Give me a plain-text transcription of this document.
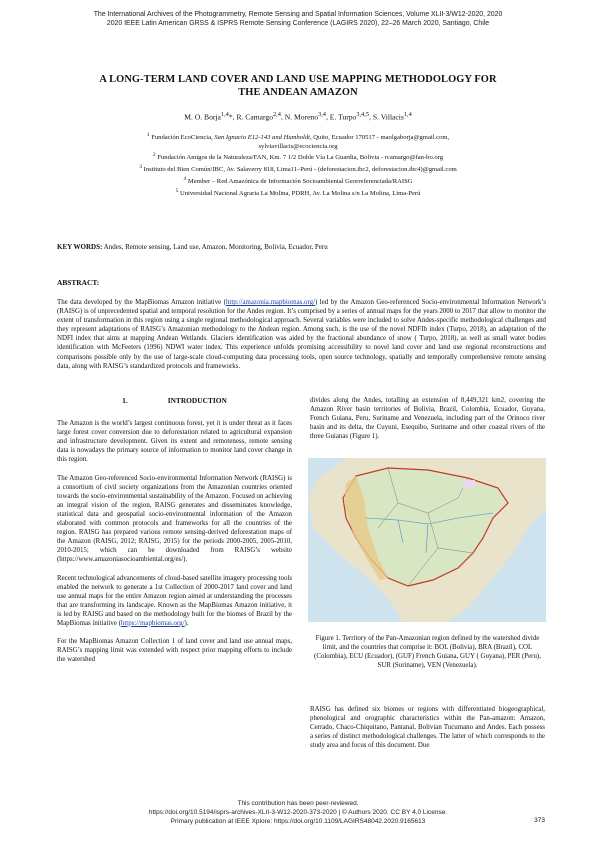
The International Archives of the Photogrammetry, Remote Sensing and Spatial Information Sciences, Volume XLII-3/W12-2020, 2020
2020 IEEE Latin American GRSS & ISPRS Remote Sensing Conference (LAGIRS 2020), 22–26 March 2020, Santiago, Chile
A LONG-TERM LAND COVER AND LAND USE MAPPING METHODOLOGY FOR
THE ANDEAN AMAZON
M. O. Borja$^{1,4}$*, R. Camargo$^{2,4}$, N. Moreno$^{3,4}$, E. Turpo$^{3,4,5}$, S. Villacis$^{1,4}$
$^1$ Fundación EcoCiencia, San Ignacio E12-143 and Humboldt, Quito, Ecuador 170517 - maolgaborja@gmail.com,
sylviavillacis@ecociencia.org
$^2$ Fundación Amigos de la Naturaleza/FAN, Km. 7 1/2 Doble Vía La Guardia, Bolivia - rcamargo@fan-bo.org
$^3$ Instituto del Bien Común/IBC, Av. Salaverry 818, Lima11–Perú - (deforestacion.ibc2, deforestacion.ibc4)@gmail.com
$^4$ Member – Red Amazónica de Información Socioambiental Georreferenciada/RAISG
$^5$ Universidad Nacional Agraria La Molina, PDRH, Av. La Molina s/n La Molina, Lima-Perú
KEY WORDS: Andes, Remote sensing, Land use, Amazon, Monitoring, Bolivia, Ecuador, Peru
ABSTRACT:
The data developed by the MapBiomas Amazon initiative (http://amazonia.mapbiomas.org/) led by the Amazon Geo-referenced Socio-environmental Information Network’s (RAISG) is of unprecedented spatial and temporal resolution for the Andes region. It’s comprised by a series of annual maps for the years 2000 to 2017 that allow to monitor the extent of transformation in this region using a single regional methodological approach. Several variables were included to solve Andes-specific methodological challenges and they represent adaptations of RAISG’s Amazonian methodology to the Andean region. Among such, is the use of the novel NDFIb index (Turpo, 2018), an adaptation of the NDFI index that aims at mapping Andean Wetlands. Glaciers identification was aided by the fractional abundance of snow ( Turpo, 2018), as well as small water bodies identification with McFeeters (1996) NDWI water index. This experience unfolds promising accessibility to novel land cover and land use regional reconstructions and comparisons possible only by the use of large-scale cloud-computing data processing tools, open source technology, spatially and temporally comprehensive remote sensing data, along with RAISG’s standardized protocols and frameworks.
1.	INTRODUCTION

The Amazon is the world’s largest continuous forest, yet it is under threat as it faces large forest cover conversion due to deforestation related to agricultural expansion and infrastructure development. Given its extent and remoteness, remote sensing data is nowadays the primary source of information to monitor land cover change in this region.

The Amazon Geo-referenced Socio-environmental Information Network (RAISG) is a consortium of civil society organizations from the Amazonian countries oriented towards the socio-environmental sustainability of the Amazon. Focused on achieving an integral vision of the region, RAISG generates and disseminates knowledge, statistical data and geospatial socio-environmental information of the Amazon elaborated with common protocols and frameworks for all the countries of the region. RAISG has prepared various remote sensing-derived deforestation maps of the Amazon (RAISG, 2012; RAISG, 2015) for the periods 2000-2005, 2005-2010, 2010-2015; which can be downloaded from RAISG’s website (https://www.amazoniasocioambiental.org/es/).

Recent technological advancements of cloud-based satellite imagery processing tools enabled the network to generate a 1st Collection of 2000-2017 land cover and land use annual maps for the entire Amazon region aimed at understanding the processes that are transforming its landscape. Known as the MapBiomas Amazon initiative, it is led by RAISG and based on the methodology built for the biomes of Brazil by the MapBiomas initiative (https://mapbiomas.org/).

For the MapBiomas Amazon Collection 1 of land cover and land use annual maps, RAISG’s mapping limit was extended with respect prior mapping efforts to include the watershed

divides along the Andes, totalling an extension of 8,449,321 km2, covering the Amazon River basin territories of Bolivia, Brazil, Colombia, Ecuador, Guyana, French Guiana, Peru, Suriname and Venezuela, including part of the Orinoco river basin and its delta, the Cuyuni, Esequibo, Suriname and other coastal rivers of the three Guianas (Figure 1).

Figure 1. Territory of the Pan-Amazonian region defined by the watershed divide limit, and the countries that comprise it: BOL (Bolivia), BRA (Brazil), COL (Colombia), ECU (Ecuador), (GUF) French Guiana, GUY ( Guyana), PER (Peru), SUR (Suriname), VEN (Venezuela).

RAISG has defined six biomes or regions with differentiated biogeographical, phenological and orographic characteristics within the Pan-amazon: Amazon, Cerrado, Chaco-Chiquitano, Pantanal, Bolivian Tucumano and Andes. Each possess a series of distinct methodological challenges. The latter of which corresponds to the study area and focus of this document. Due

This contribution has been peer-reviewed.
https://doi.org/10.5194/isprs-archives-XLII-3-W12-2020-373-2020 | © Authors 2020. CC BY 4.0 License.
Primary publication at IEEE Xplore: https://doi.org/10.1109/LAGIRS48042.2020.9165613	373
